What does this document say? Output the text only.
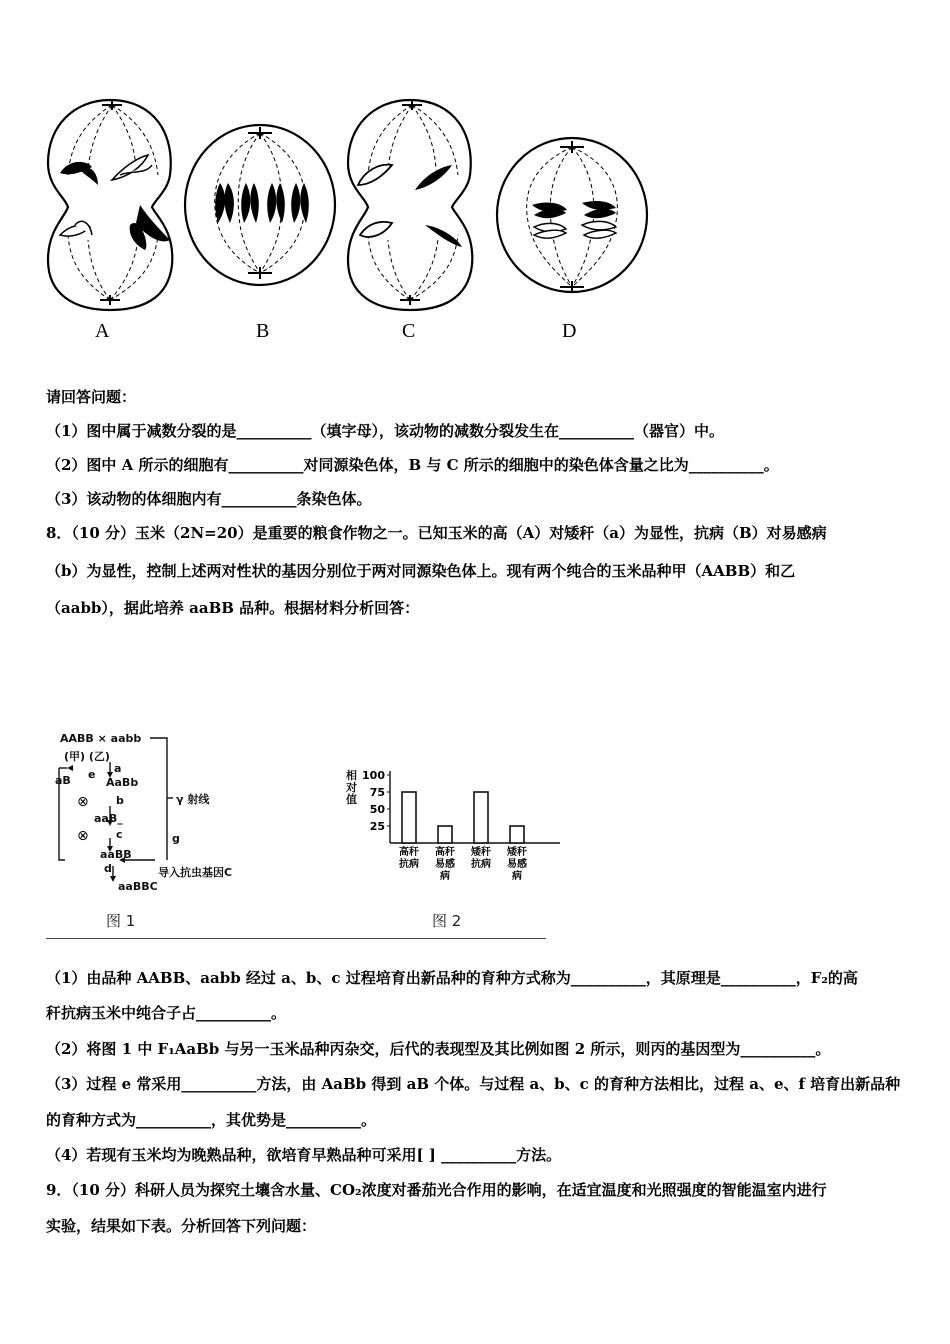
A	B	C	D
请回答问题：
（1）图中属于减数分裂的是__________（填字母），该动物的减数分裂发生在__________（器官）中。
（2）图中 A 所示的细胞有__________对同源染色体，B 与 C 所示的细胞中的染色体含量之比为__________。
（3）该动物的体细胞内有__________条染色体。
8．（10 分）玉米（2N=20）是重要的粮食作物之一。已知玉米的高（A）对矮秆（a）为显性，抗病（B）对易感病
（b）为显性，控制上述两对性状的基因分别位于两对同源染色体上。现有两个纯合的玉米品种甲（AABB）和乙
（aabb），据此培养 aaBB 品种。根据材料分析回答：
⊗
⊗
AABB × aabb
(甲) (乙)
a
aB e
AaBb
b	γ 射线
aaB_
c	g
aaBB
d	导入抗虫基因C
aaBBC
图 1
相对值
100
75
50
25
高秆
抗病
高秆
易感
病
矮秆
抗病
矮秆
易感
病
图 2
（1）由品种 AABB、aabb 经过 a、b、c 过程培育出新品种的育种方式称为__________，其原理是__________，F₂的高
秆抗病玉米中纯合子占__________。
（2）将图 1 中 F₁AaBb 与另一玉米品种丙杂交，后代的表现型及其比例如图 2 所示，则丙的基因型为__________。
（3）过程 e 常采用__________方法，由 AaBb 得到 aB 个体。与过程 a、b、c 的育种方法相比，过程 a、e、f 培育出新品种
的育种方式为__________，其优势是__________。
（4）若现有玉米均为晚熟品种，欲培育早熟品种可采用[ ] __________方法。
9．（10 分）科研人员为探究土壤含水量、CO₂浓度对番茄光合作用的影响，在适宜温度和光照强度的智能温室内进行
实验，结果如下表。分析回答下列问题：
